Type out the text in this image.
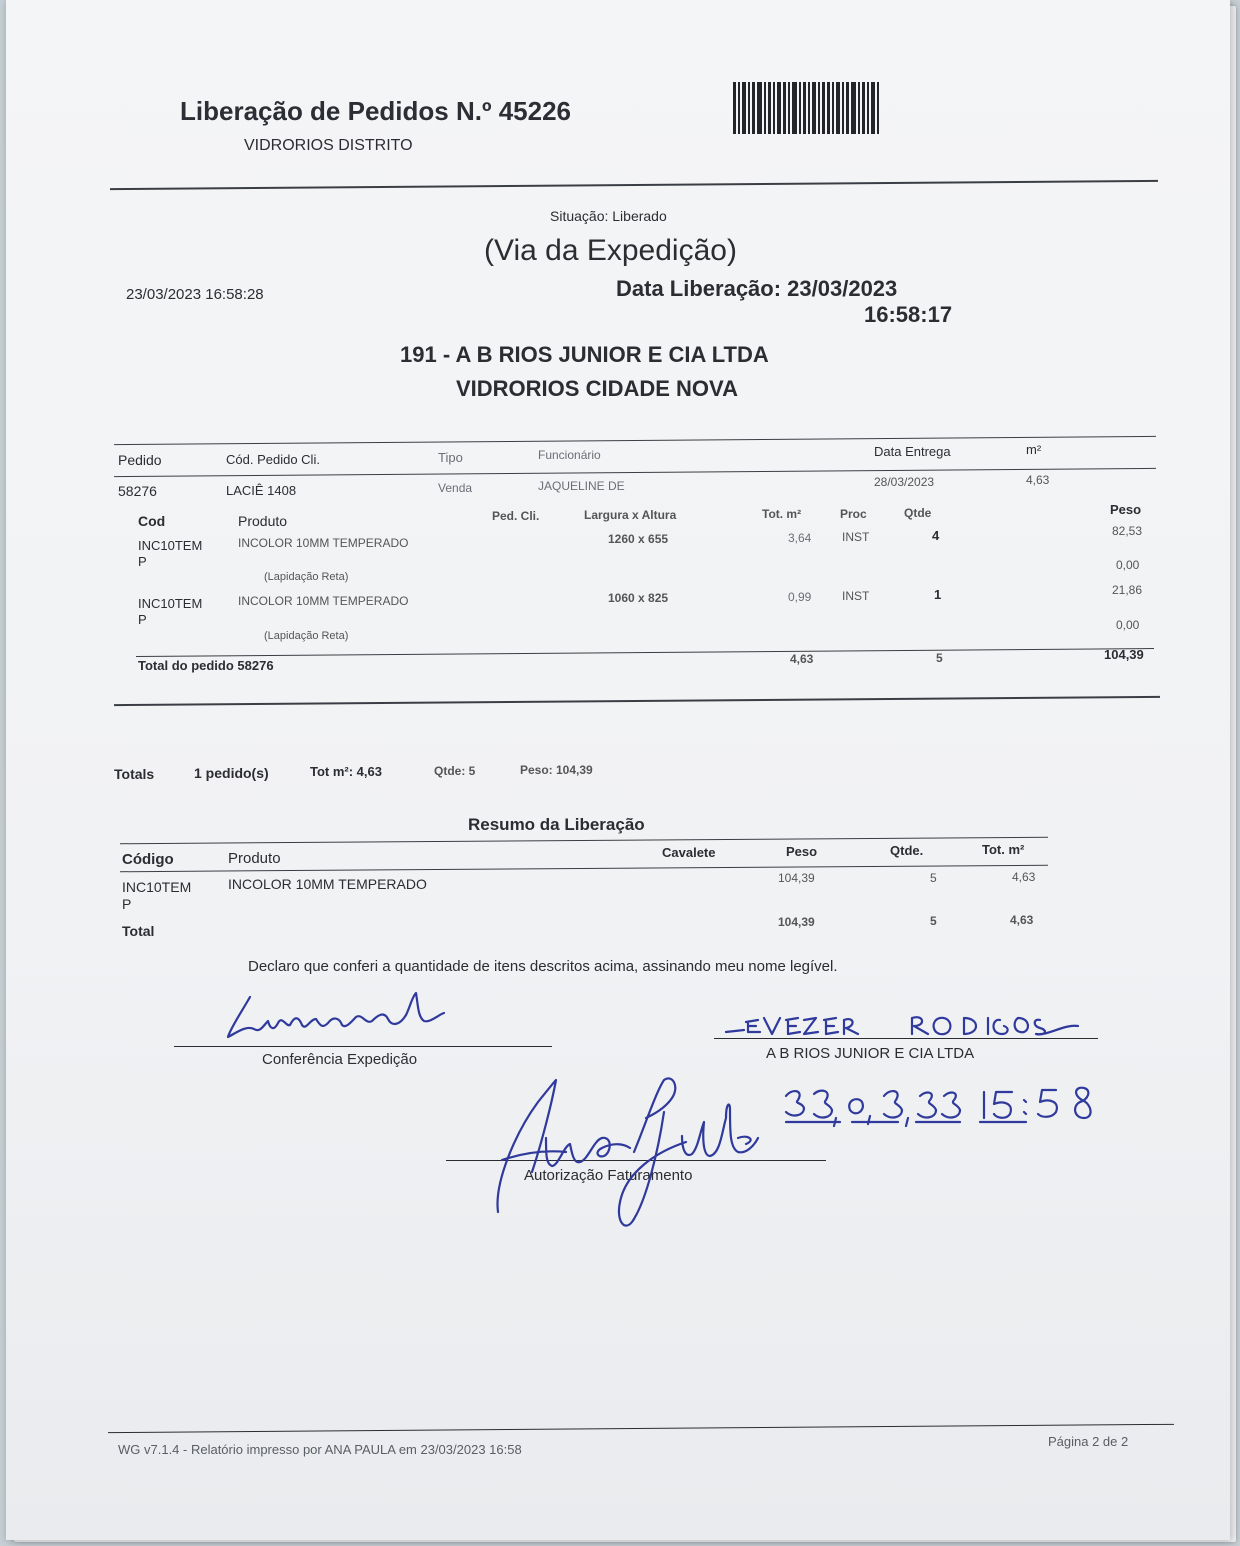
Liberação de Pedidos N.º 45226
VIDRORIOS DISTRITO
Situação: Liberado
(Via da Expedição)
23/03/2023 16:58:28	Data Liberação: 23/03/2023
16:58:17
191 - A B RIOS JUNIOR E CIA LTDA
VIDRORIOS CIDADE NOVA
Pedido	Cód. Pedido Cli.	Tipo	Funcionário	Data Entrega	m²
58276	LACIÊ 1408	Venda	JAQUELINE DE	28/03/2023	4,63
Cod	Produto	Ped. Cli.	Largura x Altura	Tot. m²	Proc	Qtde	Peso
INC10TEM
P
INCOLOR 10MM TEMPERADO	1260 x 655	3,64	INST	4	82,53
(Lapidação Reta)
0,00
INC10TEM
P
INCOLOR 10MM TEMPERADO	1060 x 825	0,99	INST	1	21,86
(Lapidação Reta)
0,00
Total do pedido 58276	4,63	5	104,39
Totals	1 pedido(s)	Tot m²: 4,63	Qtde: 5	Peso: 104,39
Resumo da Liberação
Código	Produto	Cavalete	Peso	Qtde.	Tot. m²
INC10TEM
P
INCOLOR 10MM TEMPERADO	104,39	5	4,63
Total
104,39	5	4,63
Declaro que conferi a quantidade de itens descritos acima, assinando meu nome legível.
Conferência Expedição	A B RIOS JUNIOR E CIA LTDA
Autorização Faturamento
WG v7.1.4 - Relatório impresso por ANA PAULA em 23/03/2023 16:58
Página 2 de 2
